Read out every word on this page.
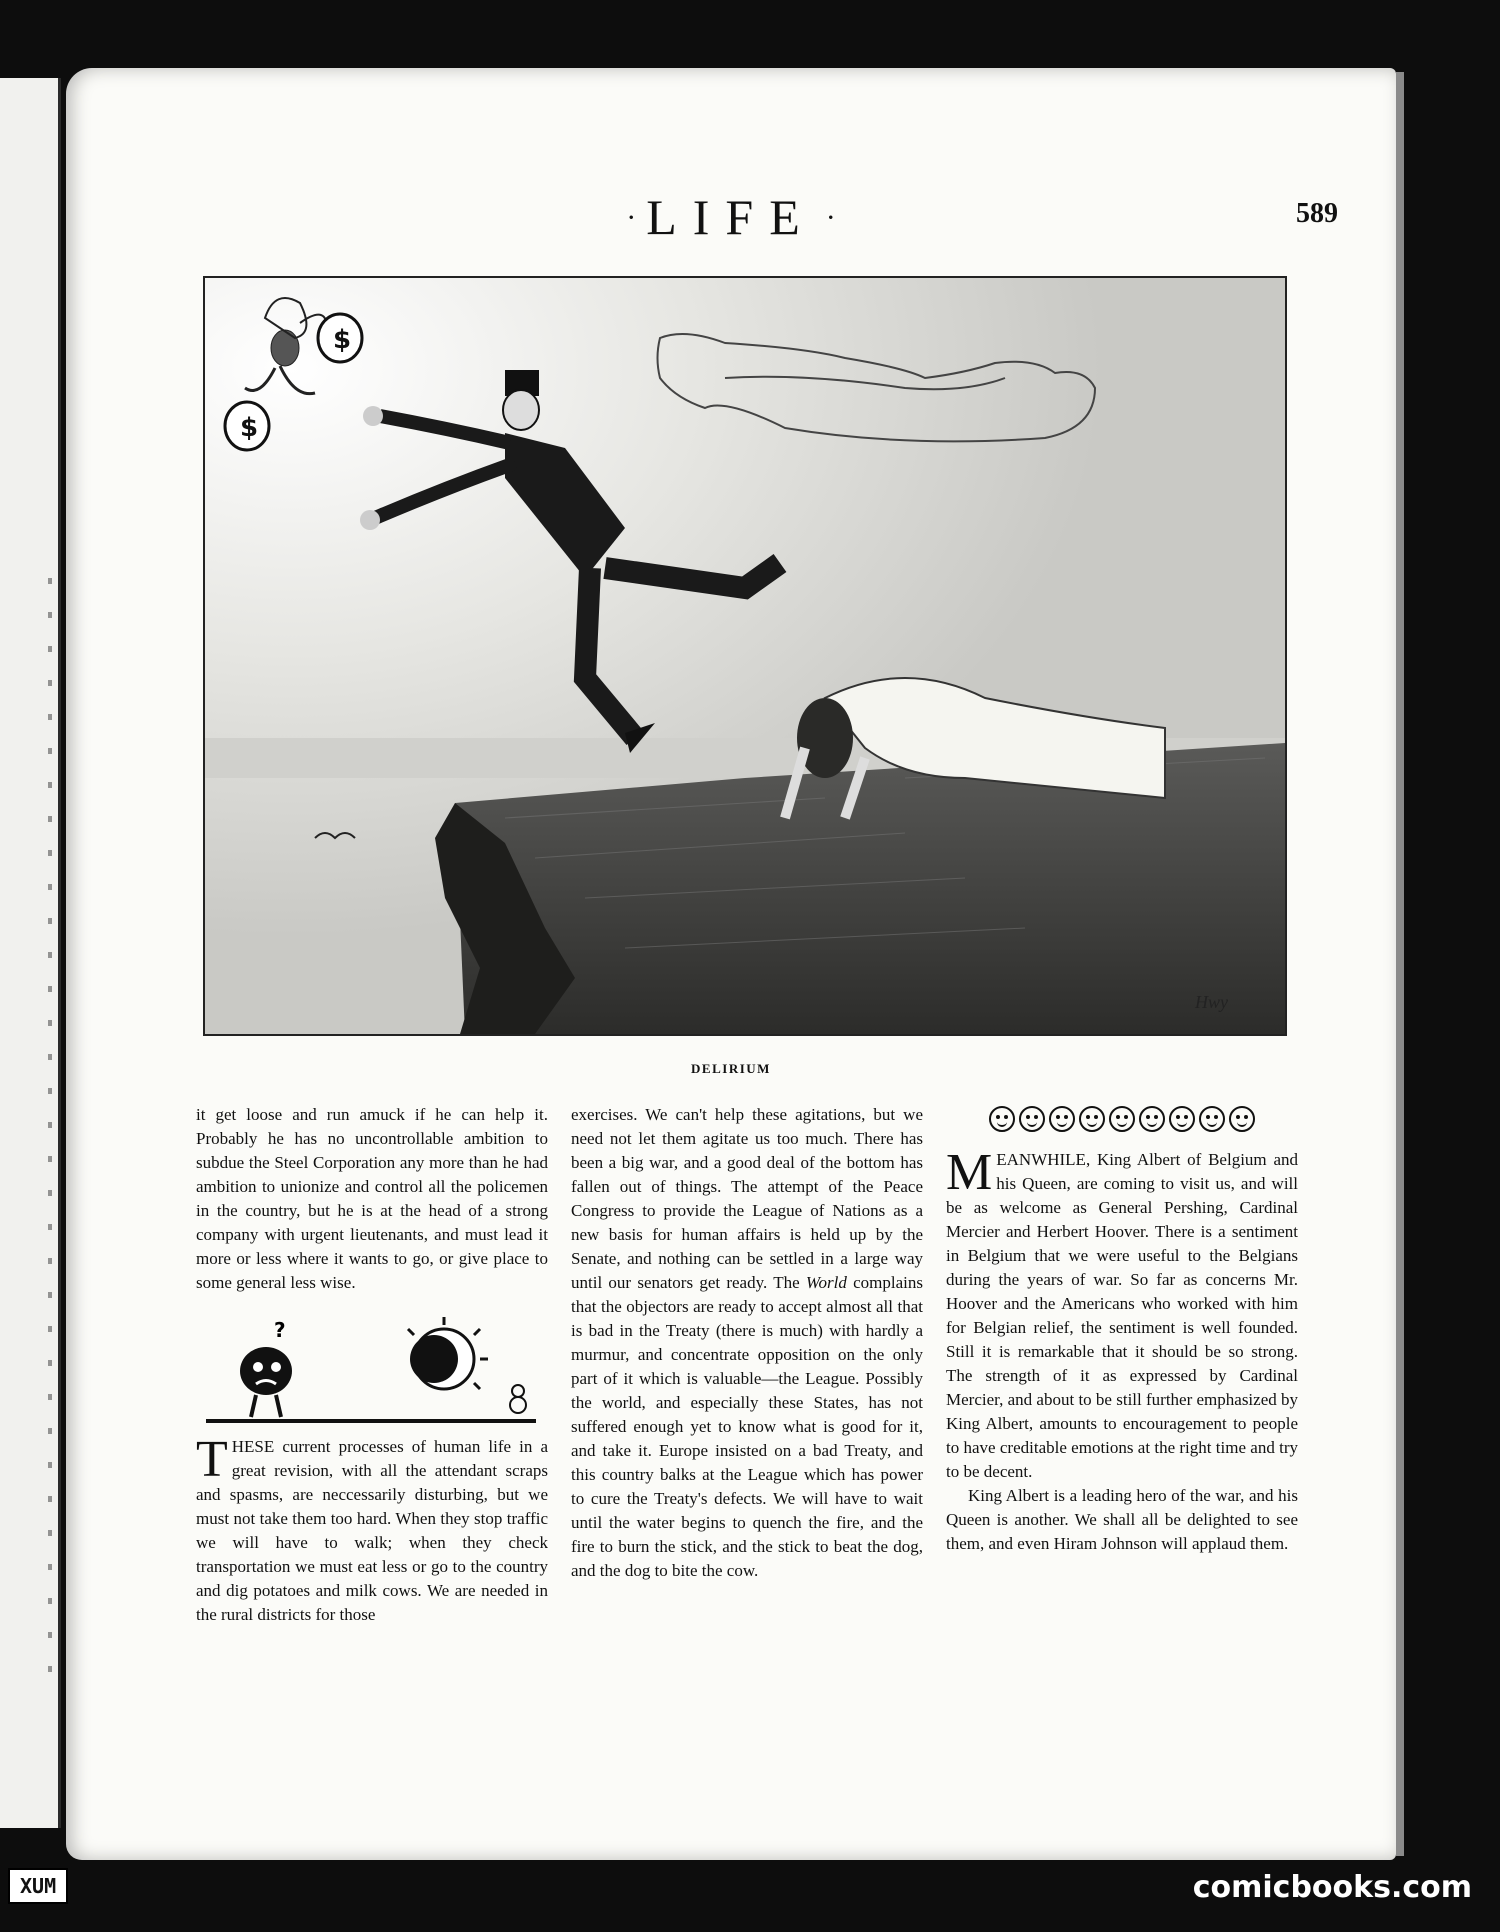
· LIFE ·	589
$
$
Hwy
DELIRIUM

it get loose and run amuck if he can help it. Probably he has no uncontrollable ambition to subdue the Steel Corporation any more than he had ambition to unionize and control all the policemen in the country, but he is at the head of a strong company with urgent lieutenants, and must lead it more or less where it wants to go, or give place to some general less wise.

?

THESE current processes of human life in a great revision, with all the attendant scraps and spasms, are neccessarily disturbing, but we must not take them too hard. When they stop traffic we will have to walk; when they check transportation we must eat less or go to the country and dig potatoes and milk cows. We are needed in the rural districts for those

exercises. We can't help these agitations, but we need not let them agitate us too much. There has been a big war, and a good deal of the bottom has fallen out of things. The attempt of the Peace Congress to provide the League of Nations as a new basis for human affairs is held up by the Senate, and nothing can be settled in a large way until our senators get ready. The World complains that the objectors are ready to accept almost all that is bad in the Treaty (there is much) with hardly a murmur, and concentrate opposition on the only part of it which is valuable—the League. Possibly the world, and especially these States, has not suffered enough yet to know what is good for it, and take it. Europe insisted on a bad Treaty, and this country balks at the League which has power to cure the Treaty's defects. We will have to wait until the water begins to quench the fire, and the fire to burn the stick, and the stick to beat the dog, and the dog to bite the cow.

MEANWHILE, King Albert of Belgium and his Queen, are coming to visit us, and will be as welcome as General Pershing, Cardinal Mercier and Herbert Hoover. There is a sentiment in Belgium that we were useful to the Belgians during the years of war. So far as concerns Mr. Hoover and the Americans who worked with him for Belgian relief, the sentiment is well founded. Still it is remarkable that it should be so strong. The strength of it as expressed by Cardinal Mercier, and about to be still further emphasized by King Albert, amounts to encouragement to people to have creditable emotions at the right time and try to be decent.

King Albert is a leading hero of the war, and his Queen is another. We shall all be delighted to see them, and even Hiram Johnson will applaud them.

XUM	comicbooks.com
